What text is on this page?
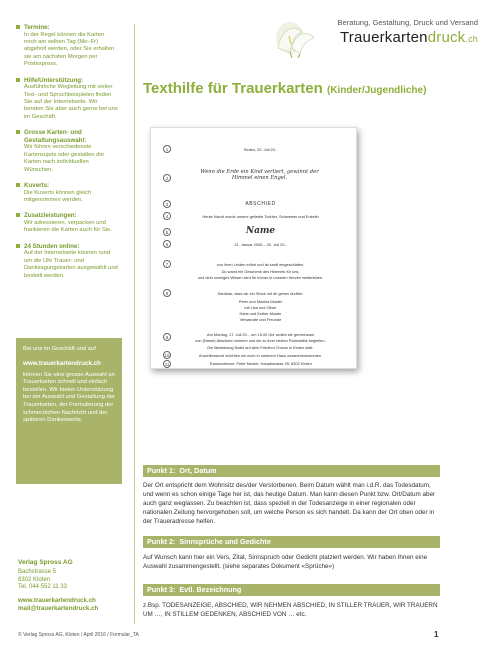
Termine:
In der Regel können die Karten noch am selben Tag (Mo–Fr) abgeholt werden, oder Sie erhalten sie am nächsten Morgen per Postexpress.
Hilfe/Unterstützung:
Ausführliche Wegleitung mit vielen Text- und Spruchbeispielen finden Sie auf der Internetseite. Wir beraten Sie aber auch gerne bei uns im Geschäft.
Grosse Karten- und Gestaltungsauswahl:
Wir führen verschiedenste Kartensujets oder gestalten die Karten nach individuellen Wünschen.
Kuverts:
Die Kuverts können gleich mitgenommen werden.
Zusatzleistungen:
Wir adressieren, verpacken und frankieren die Karten auch für Sie.
24 Stunden online:
Auf der Internetseite können rund um die Uhr Trauer- und Danksagungskarten ausgewählt und bestellt werden.
Bei uns im Geschäft und auf
www.trauerkartendruck.ch
können Sie eine grosse Auswahl an Trauerkarten schnell und einfach bestellen. Wir bieten Unterstützung bei der Auswahl und Gestaltung der Trauerkarten, der Formulierung der schmerzlichen Nachricht und der späteren Dankesworte.
Verlag Spross AG
Bachstrasse 5
8302 Kloten
Tel. 044 552 11 33
www.trauerkartendruck.ch
mail@trauerkartendruck.ch
Beratung, Gestaltung, Druck und Versand
Trauerkartendruck.ch
Texthilfe für Trauerkarten (Kinder/Jugendliche)
1	Kloten, 20. Juli 20..
2
Wenn die Erde ein Kind verliert, gewinnt der Himmel einen Engel.
3	ABSCHIED
4	Heute Nacht wurde unsere geliebte Tochter, Schwester und Enkelin
5	Name
6	21. Januar 2005 – 20. Juli 20..
7	von ihren Leiden erlöst und ist sanft eingeschlafen.
Du warst ein Geschenk des Himmels für uns,
und dein sonniges Wesen wird für immer in unseren Herzen weiterleben.
8	Dankbar, dass wir ein Stück mit dir gehen durften:
Peter und Monika Muster
mit Lisa und Oliver
Hans und Esther Muster
Verwandte und Freunde
9
Am Montag, 17. Juli 20.., um 15.00 Uhr wollen wir gemeinsam
von (Name) Abschied nehmen und sie zu ihrer letzten Ruhestätte begleiten.
Die Beisetzung findet auf dem Friedhof Chloos in Kloten statt.
10	Anschliessend möchten wir noch in unserem Haus zusammenkommen.
11	Traueradresse: Peter Muster, Hauptstrasse 25, 8302 Kloten
Punkt 1: Ort, Datum
Der Ort entspricht dem Wohnsitz des/der Verstorbenen. Beim Datum wählt man i.d.R. das Todesdatum, und wenn es schon einige Tage her ist, das heutige Datum. Man kann diesen Punkt bzw. Ort/Datum aber auch ganz weglassen. Zu beachten ist, dass speziell in der Todesanzeige in einer regionalen oder nationalen Zeitung hervorgehoben soll, um welche Person es sich handelt. Da kann der Ort oben oder in der Traueradresse helfen.
Punkt 2: Sinnsprüche und Gedichte
Auf Wunsch kann hier ein Vers, Zitat, Sinnspruch oder Gedicht platziert werden. Wir haben Ihnen eine Auswahl zusammengestellt. (siehe separates Dokument «Sprüche»)
Punkt 3: Evtl. Bezeichnung
z.Bsp. TODESANZEIGE, ABSCHIED, WIR NEHMEN ABSCHIED, IN STILLER TRAUER, WIR TRAUERN UM …, IN STILLEM GEDENKEN, ABSCHIED VON … etc.
© Verlag Spross AG, Kloten / April 2016 / Formular_TA	1
